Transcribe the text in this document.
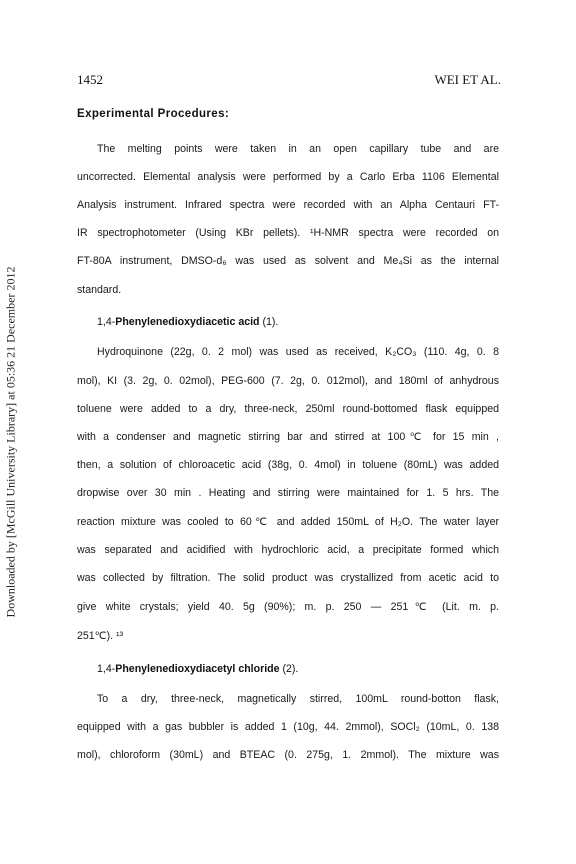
Downloaded by [McGill University Library] at 05:36 21 December 2012
1452	WEI ET AL.
Experimental Procedures:
The melting points were taken in an open capillary tube and are
uncorrected. Elemental analysis were performed by a Carlo Erba 1106 Elemental
Analysis instrument. Infrared spectra were recorded with an Alpha Centauri FT-
IR spectrophotometer (Using KBr pellets). ¹H-NMR spectra were recorded on
FT-80A instrument, DMSO-d₆ was used as solvent and Me₄Si as the internal
standard.
1,4-Phenylenedioxydiacetic acid (1).
Hydroquinone (22g, 0. 2 mol) was used as received, K₂CO₃ (110. 4g, 0. 8
mol), KI (3. 2g, 0. 02mol), PEG-600 (7. 2g, 0. 012mol), and 180ml of anhydrous
toluene were added to a dry, three-neck, 250ml round-bottomed flask equipped
with a condenser and magnetic stirring bar and stirred at 100℃ for 15 min ,
then, a solution of chloroacetic acid (38g, 0. 4mol) in toluene (80mL) was added
dropwise over 30 min . Heating and stirring were maintained for 1. 5 hrs. The
reaction mixture was cooled to 60℃ and added 150mL of H₂O. The water layer
was separated and acidified with hydrochloric acid, a precipitate formed which
was collected by filtration. The solid product was crystallized from acetic acid to
give white crystals; yield 40. 5g (90%); m. p. 250 — 251℃ (Lit. m. p.
251℃). ¹³
1,4-Phenylenedioxydiacetyl chloride (2).
To a dry, three-neck, magnetically stirred, 100mL round-botton flask,
equipped with a gas bubbler is added 1 (10g, 44. 2mmol), SOCl₂ (10mL, 0. 138
mol), chloroform (30mL) and BTEAC (0. 275g, 1. 2mmol). The mixture was
